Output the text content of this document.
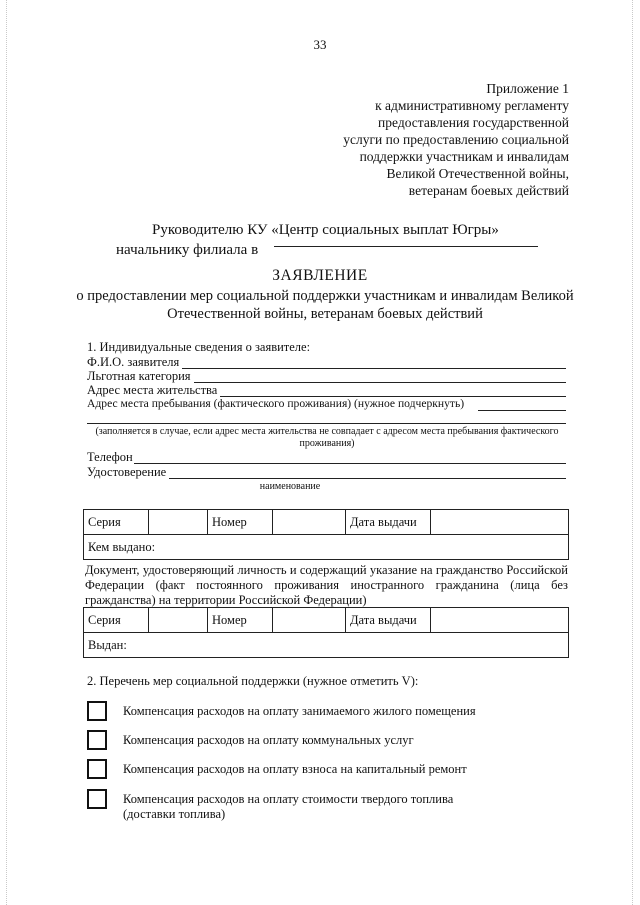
33
Приложение 1
к административному регламенту
предоставления государственной
услуги по предоставлению социальной
поддержки участникам и инвалидам
Великой Отечественной войны,
ветеранам боевых действий
Руководителю КУ «Центр социальных выплат Югры»
начальнику филиала в
ЗАЯВЛЕНИЕ
о предоставлении мер социальной поддержки участникам и инвалидам Великой Отечественной войны, ветеранам боевых действий
1. Индивидуальные сведения о заявителе:
Ф.И.О. заявителя
Льготная категория
Адрес места жительства
Адрес места пребывания (фактического проживания) (нужное подчеркнуть)
(заполняется в случае, если адрес места жительства не совпадает с адресом места пребывания фактического проживания)
Телефон
Удостоверение
наименование
Серия		Номер		Дата выдачи	
Кем выдано:
Документ, удостоверяющий личность и содержащий указание на гражданство Российской Федерации (факт постоянного проживания иностранного гражданина (лица без гражданства) на территории Российской Федерации)
Серия		Номер		Дата выдачи	
Выдан:
2. Перечень мер социальной поддержки (нужное отметить V):
Компенсация расходов на оплату занимаемого жилого помещения
Компенсация расходов на оплату коммунальных услуг
Компенсация расходов на оплату взноса на капитальный ремонт
Компенсация расходов на оплату стоимости твердого топлива (доставки топлива)
